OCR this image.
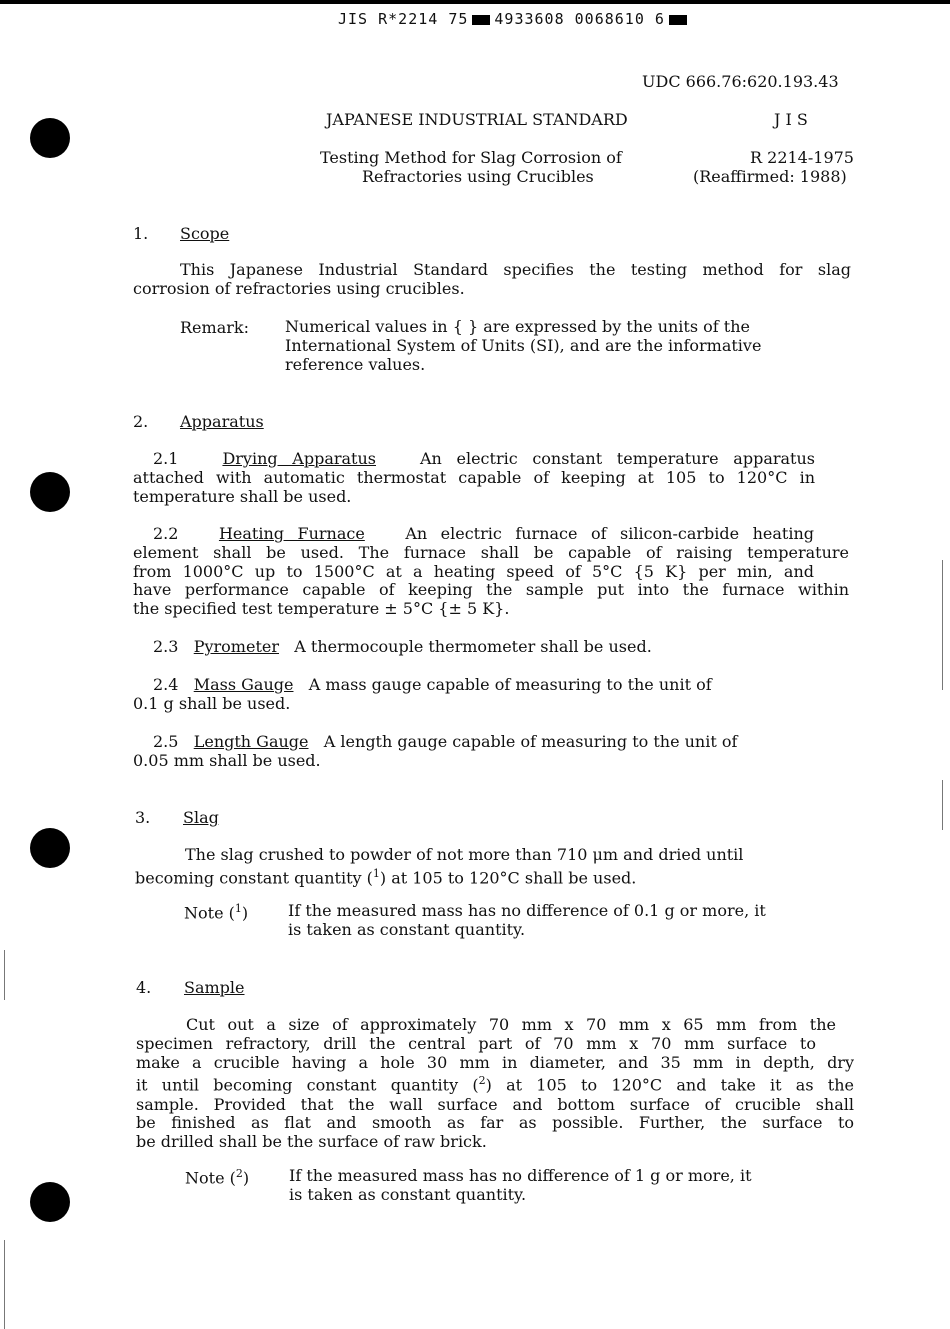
JIS R*2214 75 4933608 0068610 6
UDC 666.76:620.193.43
JAPANESE INDUSTRIAL STANDARD	J I S
Testing Method for Slag Corrosion of
Refractories using Crucibles
R 2214-1975
(Reaffirmed: 1988)
1. Scope
This Japanese Industrial Standard specifies the testing method for slag
corrosion of refractories using crucibles.
Remark: Numerical values in { } are expressed by the units of the
International System of Units (SI), and are the informative
reference values.
2. Apparatus
2.1	Drying Apparatus	An electric constant temperature apparatus
attached with automatic thermostat capable of keeping at 105 to 120°C in
temperature shall be used.
2.2	Heating Furnace	An electric furnace of silicon-carbide heating
element shall be used. The furnace shall be capable of raising temperature
from 1000°C up to 1500°C at a heating speed of 5°C {5 K} per min, and
have performance capable of keeping the sample put into the furnace within
the specified test temperature ± 5°C {± 5 K}.
2.3 Pyrometer A thermocouple thermometer shall be used.
2.4 Mass Gauge A mass gauge capable of measuring to the unit of
0.1 g shall be used.
2.5 Length Gauge A length gauge capable of measuring to the unit of
0.05 mm shall be used.
3. Slag
The slag crushed to powder of not more than 710 μm and dried until
becoming constant quantity ($^1$) at 105 to 120°C shall be used.
Note ($^1$) If the measured mass has no difference of 0.1 g or more, it
is taken as constant quantity.
4. Sample
Cut out a size of approximately 70 mm x 70 mm x 65 mm from the
specimen refractory, drill the central part of 70 mm x 70 mm surface to
make a crucible having a hole 30 mm in diameter, and 35 mm in depth, dry
it until becoming constant quantity ($^2$) at 105 to 120°C and take it as the
sample. Provided that the wall surface and bottom surface of crucible shall
be finished as flat and smooth as far as possible. Further, the surface to
be drilled shall be the surface of raw brick.
Note ($^2$) If the measured mass has no difference of 1 g or more, it
is taken as constant quantity.
